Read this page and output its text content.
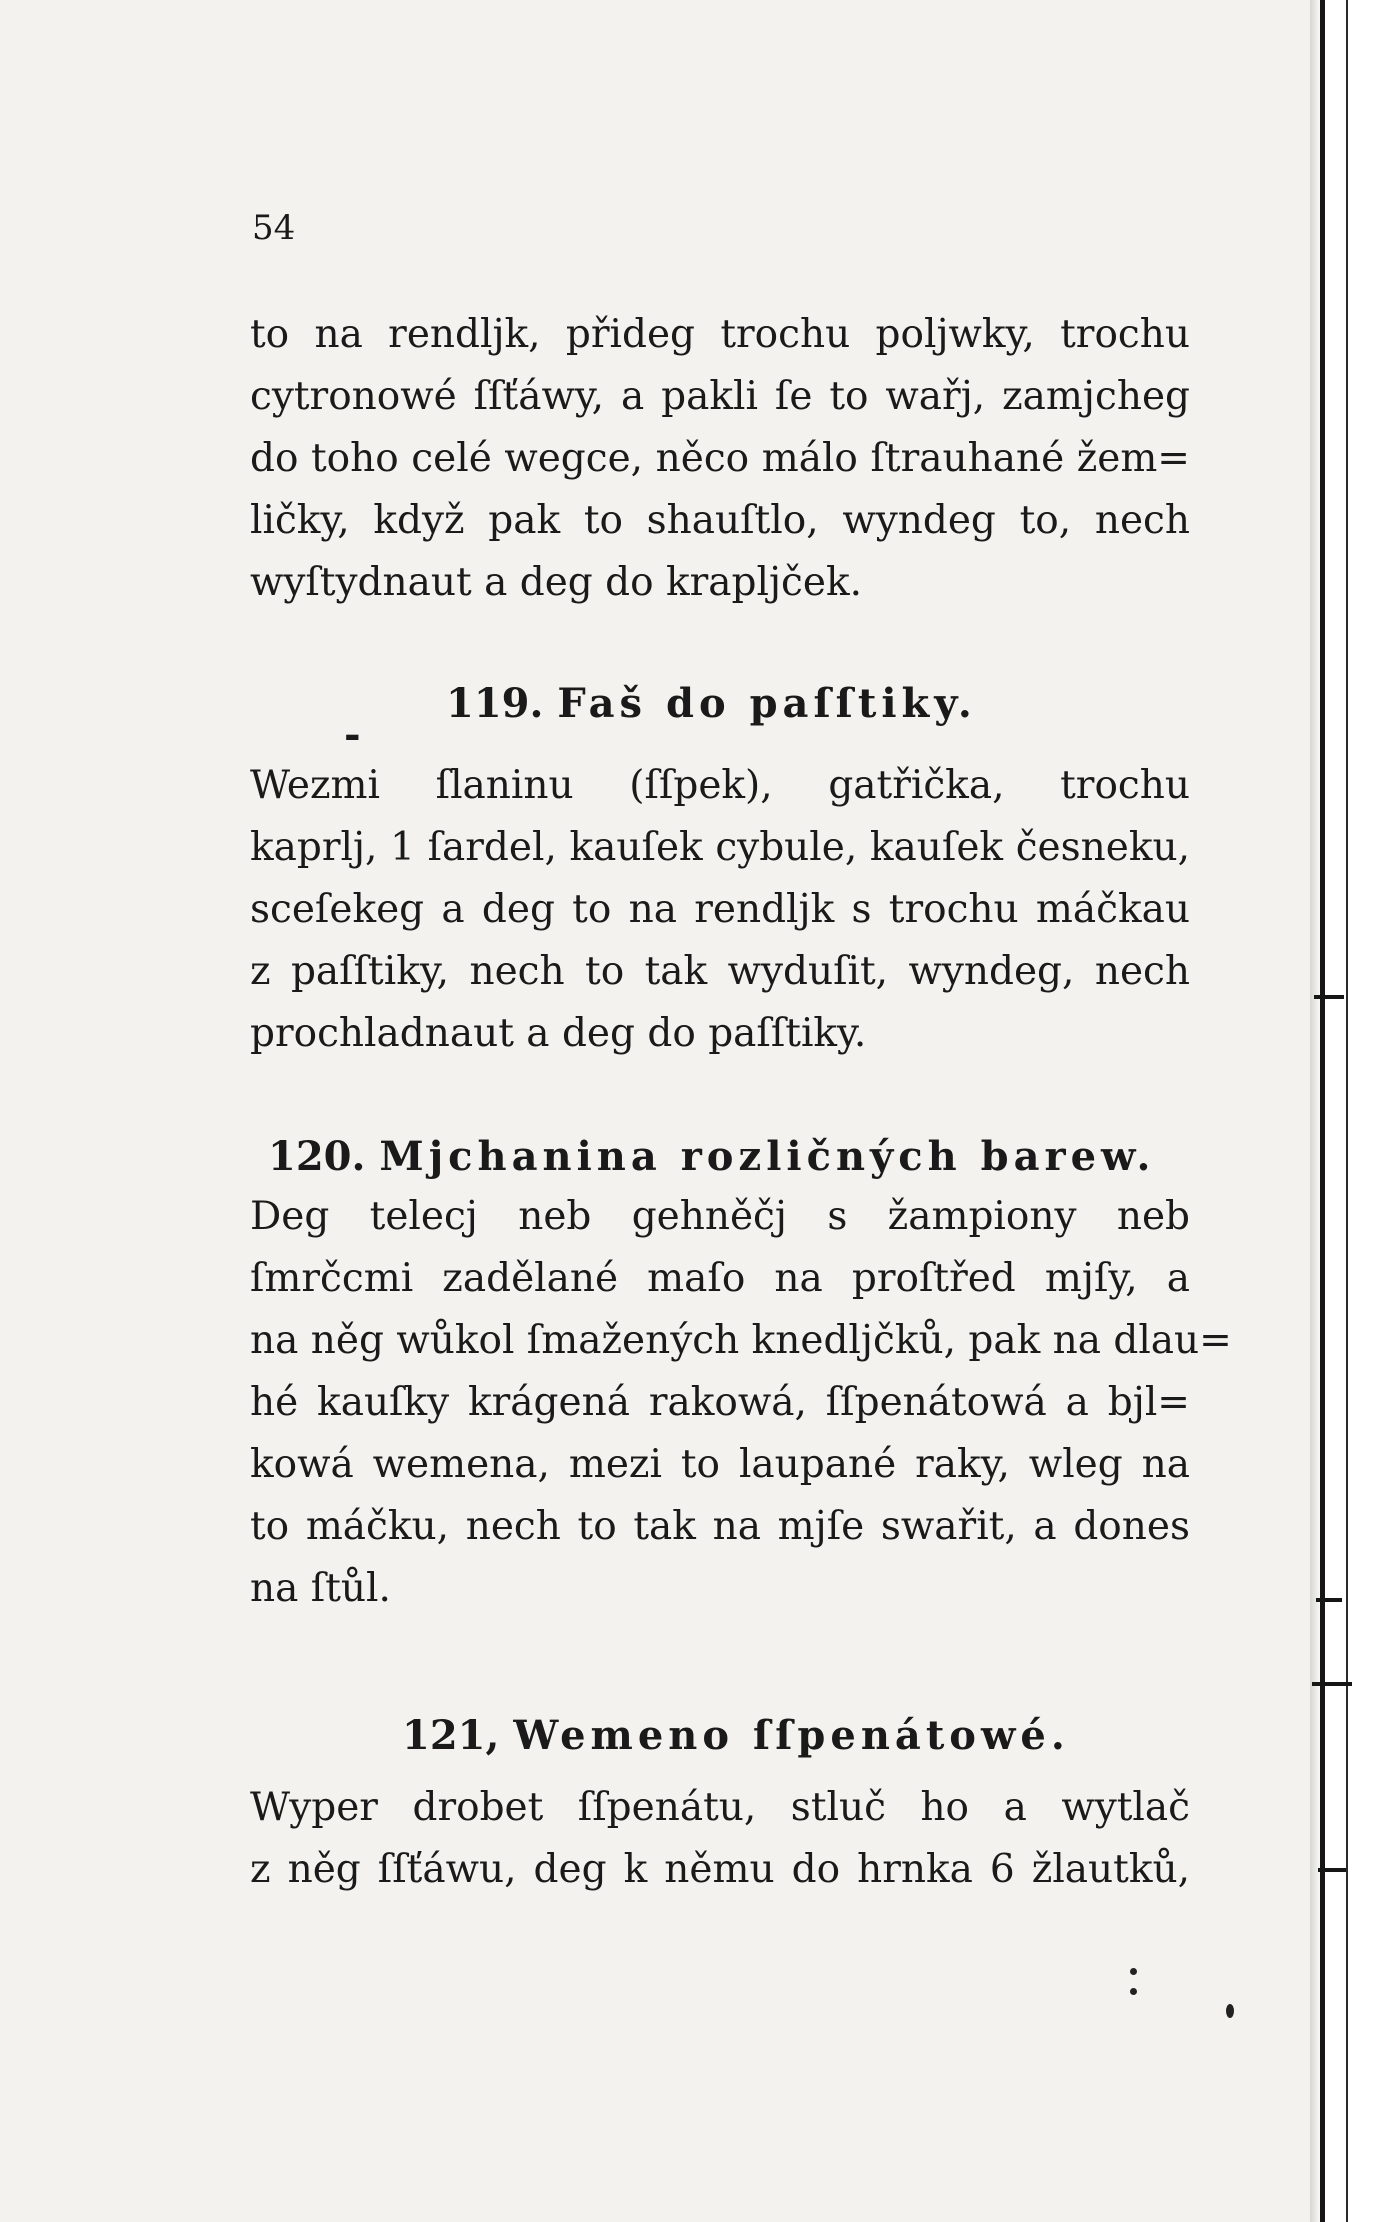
54

to na rendljk, přideg trochu poljwky, trochu
cytronowé ſſťáwy, a pakli ſe to wařj, zamjcheg
do toho celé wegce, něco málo ſtrauhané žem=
ličky, když pak to shauſtlo, wyndeg to, nech
wyſtydnaut a deg do krapljček.
-
119. Faš do paſſtiky.
Wezmi ſlaninu (ſſpek), gatřička, trochu
kaprlj, 1 ſardel, kauſek cybule, kauſek česneku,
sceſekeg a deg to na rendljk s trochu máčkau
z paſſtiky, nech to tak wyduſit, wyndeg, nech
prochladnaut a deg do paſſtiky.
120. Mjchanina rozličných barew.
Deg telecj neb gehněčj s žampiony neb
ſmrčcmi zadělané maſo na proſtřed mjſy, a
na něg wůkol ſmažených knedljčků, pak na dlau=
hé kauſky krágená rakowá, ſſpenátowá a bjl=
kowá wemena, mezi to laupané raky, wleg na
to máčku, nech to tak na mjſe swařit, a dones
na ſtůl.
121, Wemeno ſſpenátowé.
Wyper drobet ſſpenátu, stluč ho a wytlač
z něg ſſťáwu, deg k němu do hrnka 6 žlautků,
